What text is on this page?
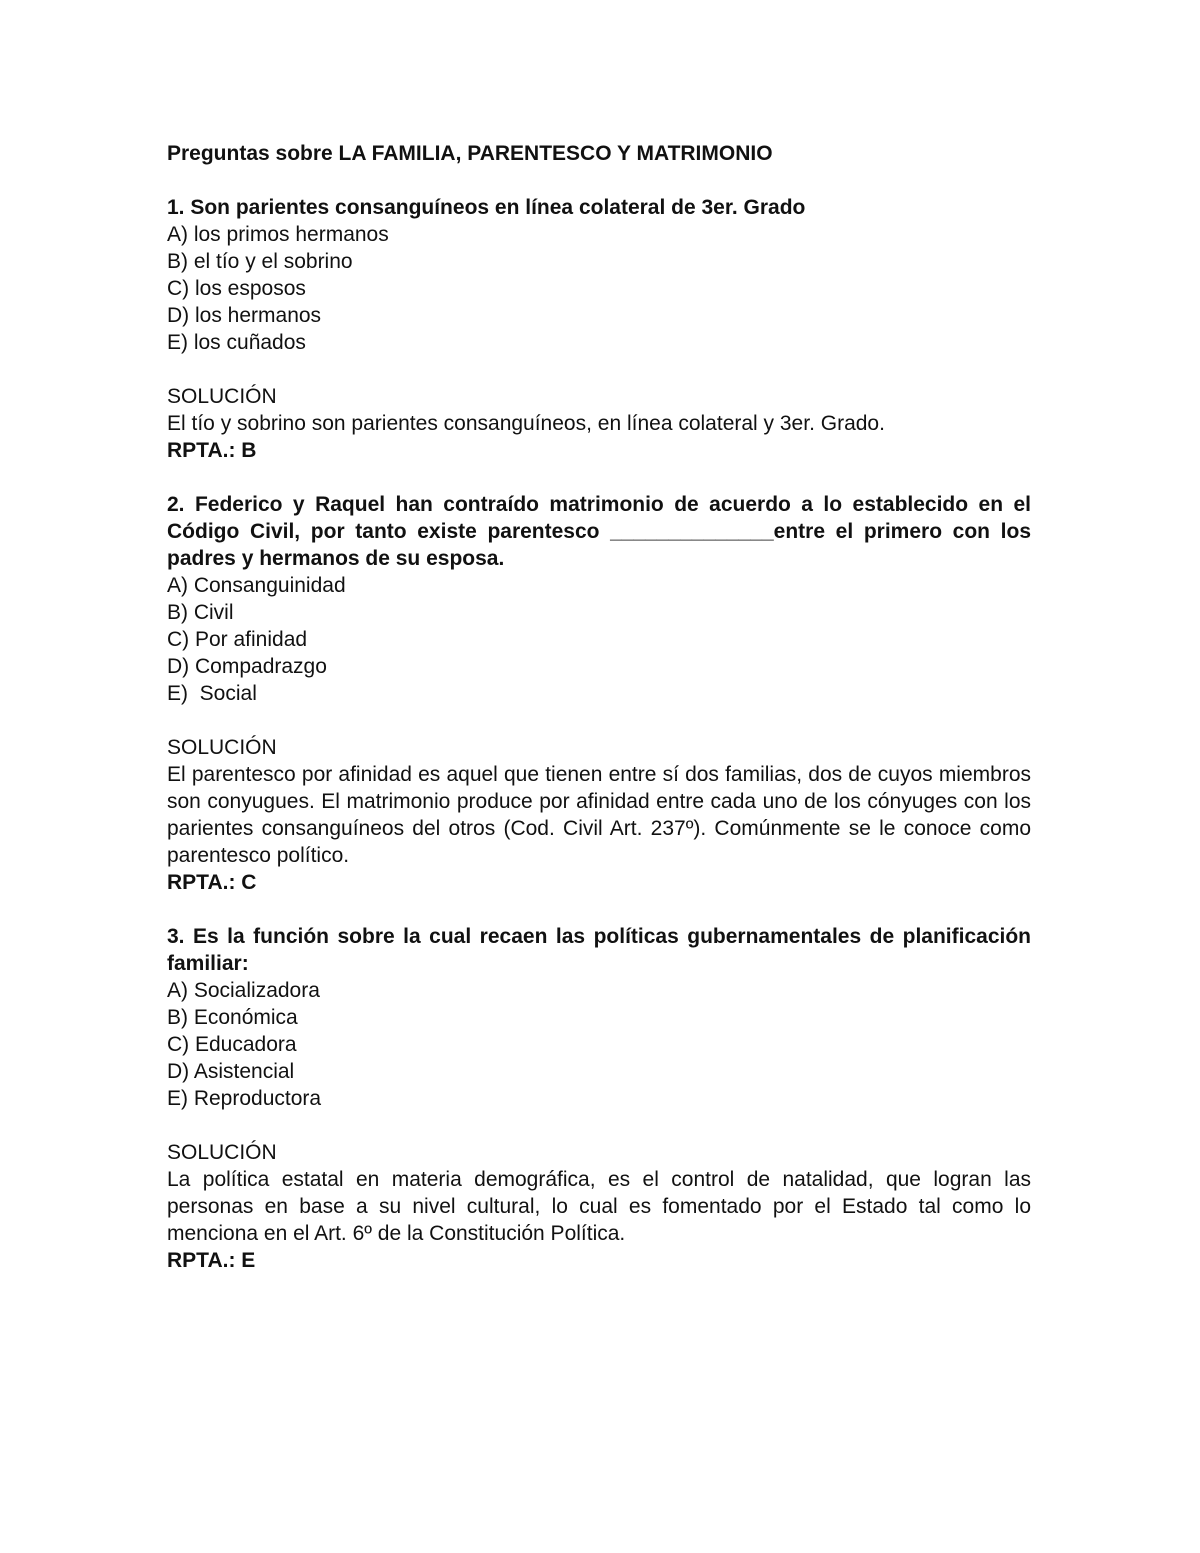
Preguntas sobre LA FAMILIA, PARENTESCO Y MATRIMONIO

1. Son parientes consanguíneos en línea colateral de 3er. Grado

A) los primos hermanos
B) el tío y el sobrino
C) los esposos
D) los hermanos
E) los cuñados

SOLUCIÓN

El tío y sobrino son parientes consanguíneos, en línea colateral y 3er. Grado.

RPTA.: B

2. Federico y Raquel han contraído matrimonio de acuerdo a lo establecido en el Código Civil, por tanto existe parentesco ______________entre el primero con los padres y hermanos de su esposa.

A) Consanguinidad
B) Civil
C) Por afinidad
D) Compadrazgo
E)  Social

SOLUCIÓN

El parentesco por afinidad es aquel que tienen entre sí dos familias, dos de cuyos miembros son conyugues. El matrimonio produce por afinidad entre cada uno de los cónyuges con los parientes consanguíneos del otros (Cod. Civil Art. 237º). Comúnmente se le conoce como parentesco político.

RPTA.: C

3. Es la función sobre la cual recaen las políticas gubernamentales de planificación familiar:

A) Socializadora
B) Económica
C) Educadora
D) Asistencial
E) Reproductora

SOLUCIÓN

La política estatal en materia demográfica, es el control de natalidad, que logran las personas en base a su nivel cultural, lo cual es fomentado por el Estado tal como lo menciona en el Art. 6º de la Constitución Política.

RPTA.: E
